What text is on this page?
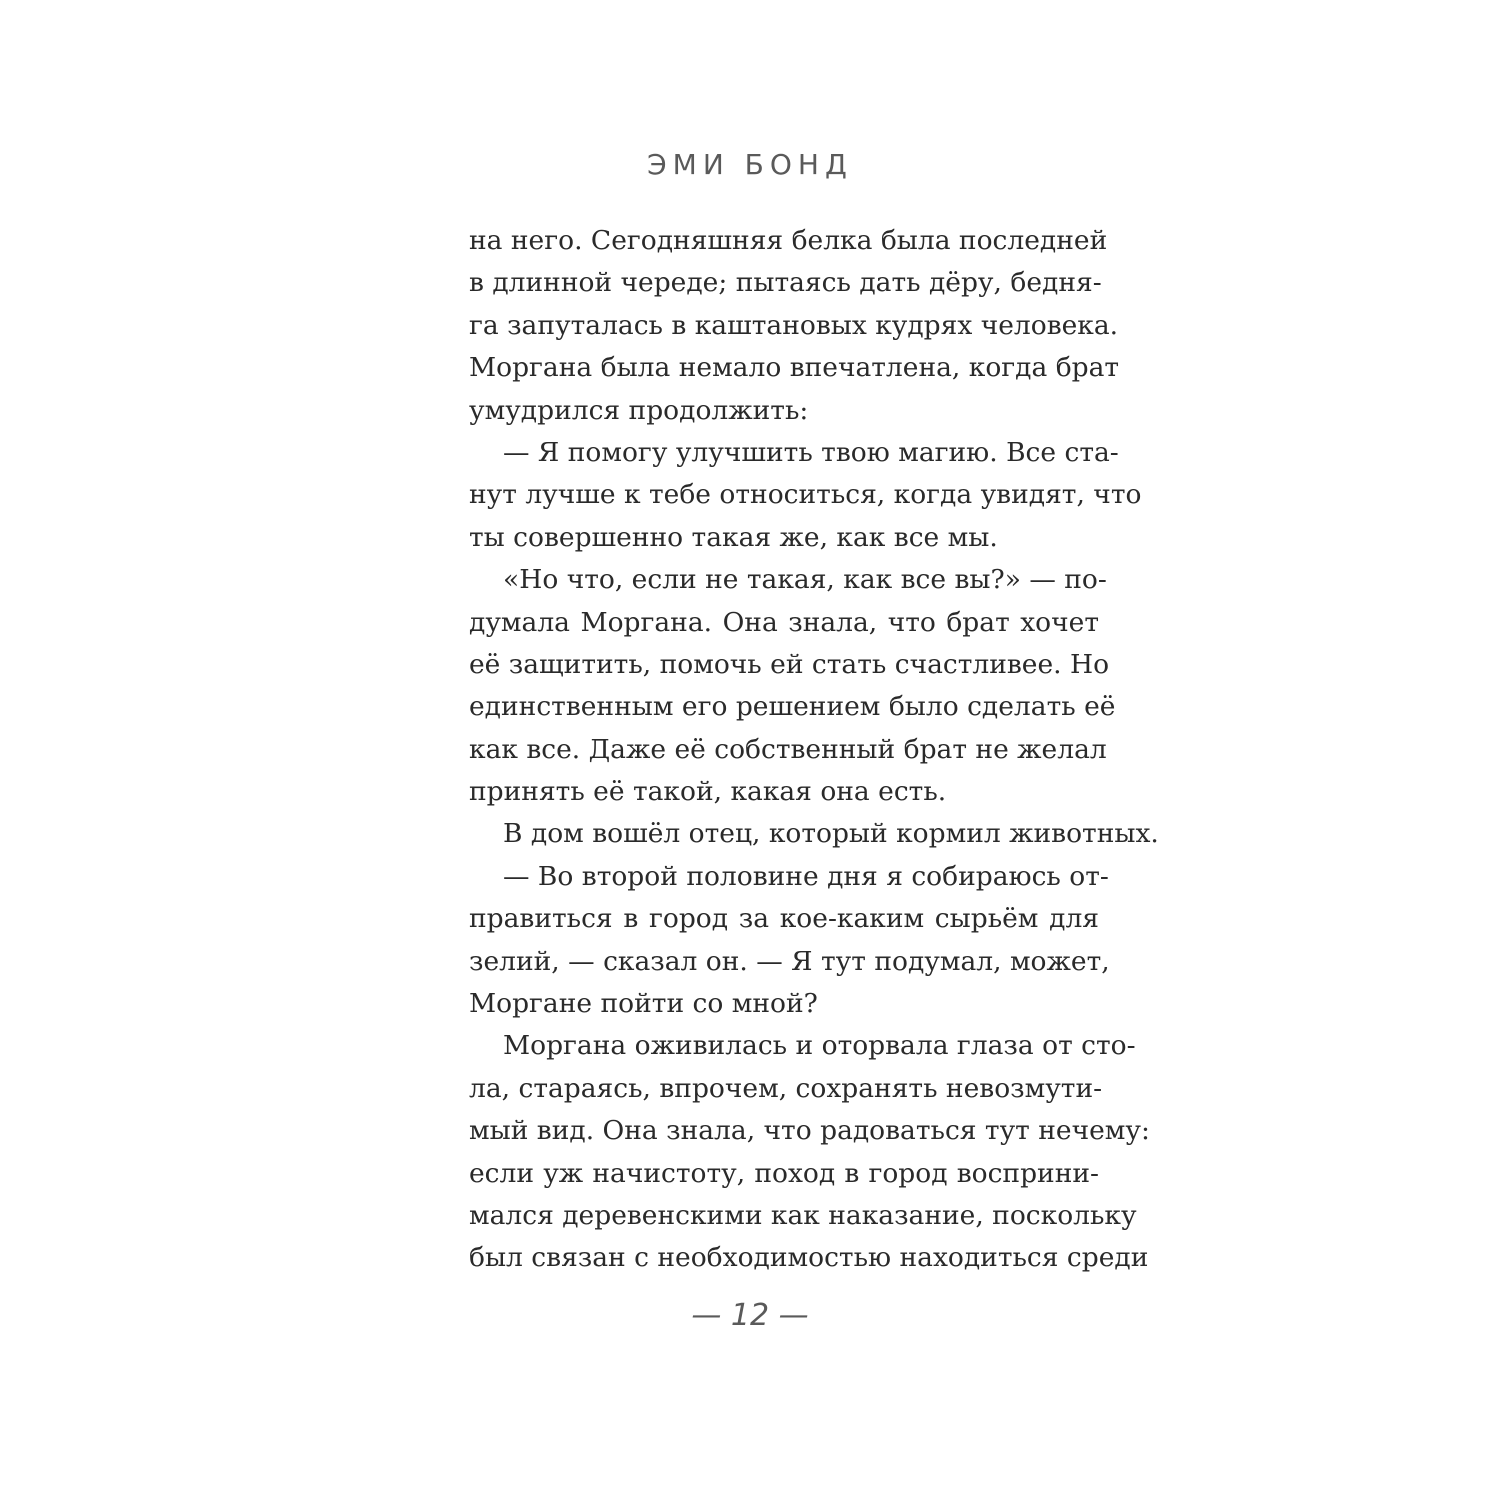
ЭМИ БОНД
на него. Сегодняшняя белка была последней
в длинной череде; пытаясь дать дёру, бедня-
га запуталась в каштановых кудрях человека.
Моргана была немало впечатлена, когда брат
умудрился продолжить:
— Я помогу улучшить твою магию. Все ста-
нут лучше к тебе относиться, когда увидят, что
ты совершенно такая же, как все мы.
«Но что, если не такая, как все вы?» — по-
думала Моргана. Она знала, что брат хочет
её защитить, помочь ей стать счастливее. Но
единственным его решением было сделать её
как все. Даже её собственный брат не желал
принять её такой, какая она есть.
В дом вошёл отец, который кормил животных.
— Во второй половине дня я собираюсь от-
правиться в город за кое-каким сырьём для
зелий, — сказал он. — Я тут подумал, может,
Моргане пойти со мной?
Моргана оживилась и оторвала глаза от сто-
ла, стараясь, впрочем, сохранять невозмути-
мый вид. Она знала, что радоваться тут нечему:
если уж начистоту, поход в город восприни-
мался деревенскими как наказание, поскольку
был связан с необходимостью находиться среди
— 12 —
